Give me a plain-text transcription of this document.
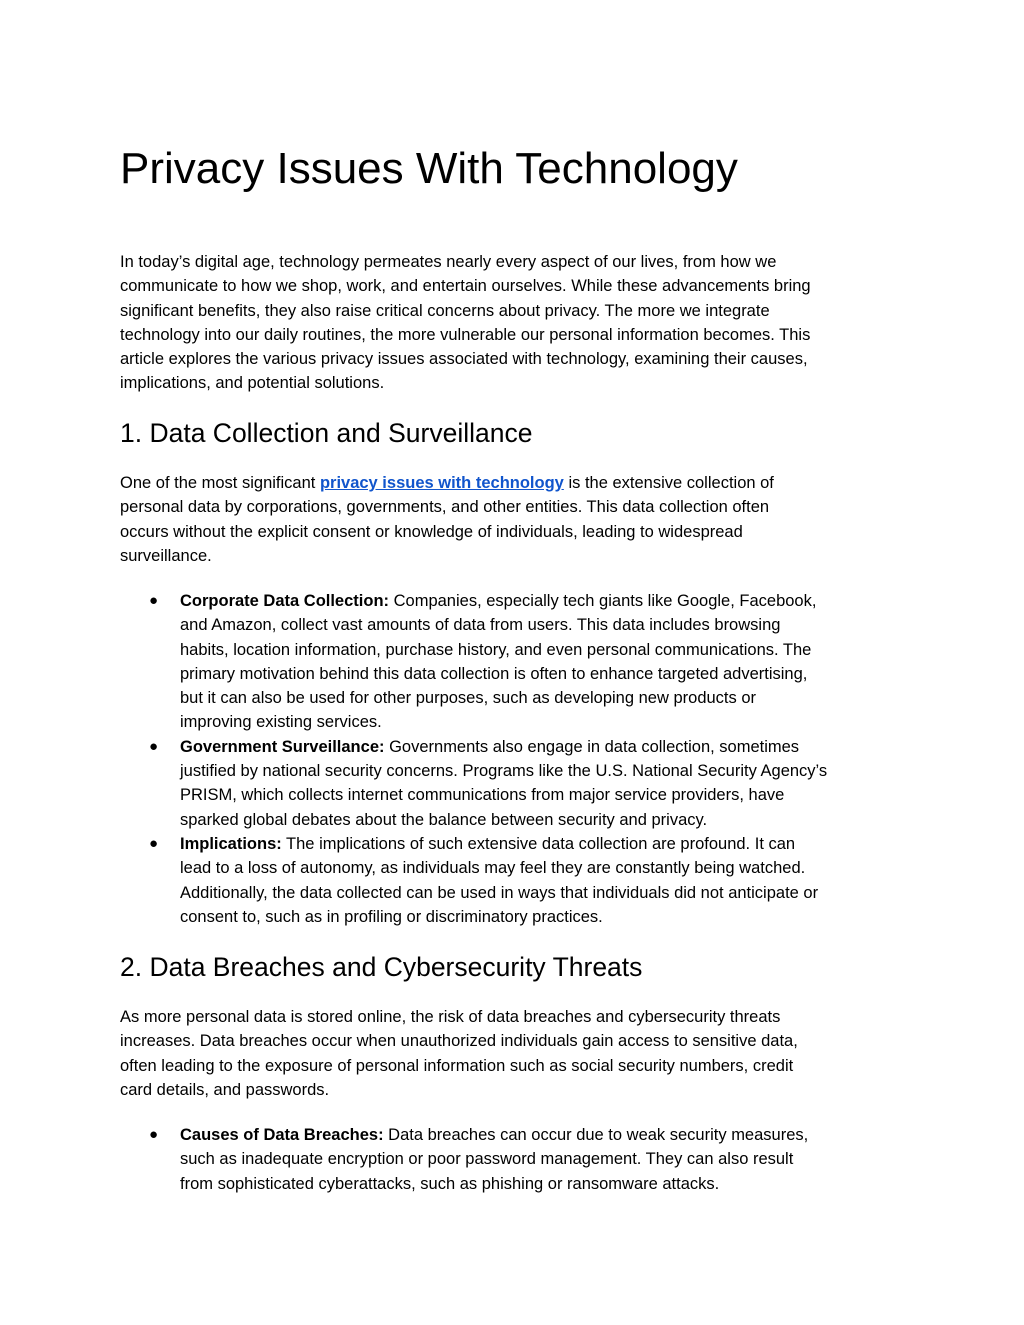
Privacy Issues With Technology

In today’s digital age, technology permeates nearly every aspect of our lives, from how we
communicate to how we shop, work, and entertain ourselves. While these advancements bring
significant benefits, they also raise critical concerns about privacy. The more we integrate
technology into our daily routines, the more vulnerable our personal information becomes. This
article explores the various privacy issues associated with technology, examining their causes,
implications, and potential solutions.

1. Data Collection and Surveillance

One of the most significant privacy issues with technology is the extensive collection of
personal data by corporations, governments, and other entities. This data collection often
occurs without the explicit consent or knowledge of individuals, leading to widespread
surveillance.

● Corporate Data Collection: Companies, especially tech giants like Google, Facebook,
and Amazon, collect vast amounts of data from users. This data includes browsing
habits, location information, purchase history, and even personal communications. The
primary motivation behind this data collection is often to enhance targeted advertising,
but it can also be used for other purposes, such as developing new products or
improving existing services.
● Government Surveillance: Governments also engage in data collection, sometimes
justified by national security concerns. Programs like the U.S. National Security Agency’s
PRISM, which collects internet communications from major service providers, have
sparked global debates about the balance between security and privacy.
● Implications: The implications of such extensive data collection are profound. It can
lead to a loss of autonomy, as individuals may feel they are constantly being watched.
Additionally, the data collected can be used in ways that individuals did not anticipate or
consent to, such as in profiling or discriminatory practices.
2. Data Breaches and Cybersecurity Threats

As more personal data is stored online, the risk of data breaches and cybersecurity threats
increases. Data breaches occur when unauthorized individuals gain access to sensitive data,
often leading to the exposure of personal information such as social security numbers, credit
card details, and passwords.

● Causes of Data Breaches: Data breaches can occur due to weak security measures,
such as inadequate encryption or poor password management. They can also result
from sophisticated cyberattacks, such as phishing or ransomware attacks.
